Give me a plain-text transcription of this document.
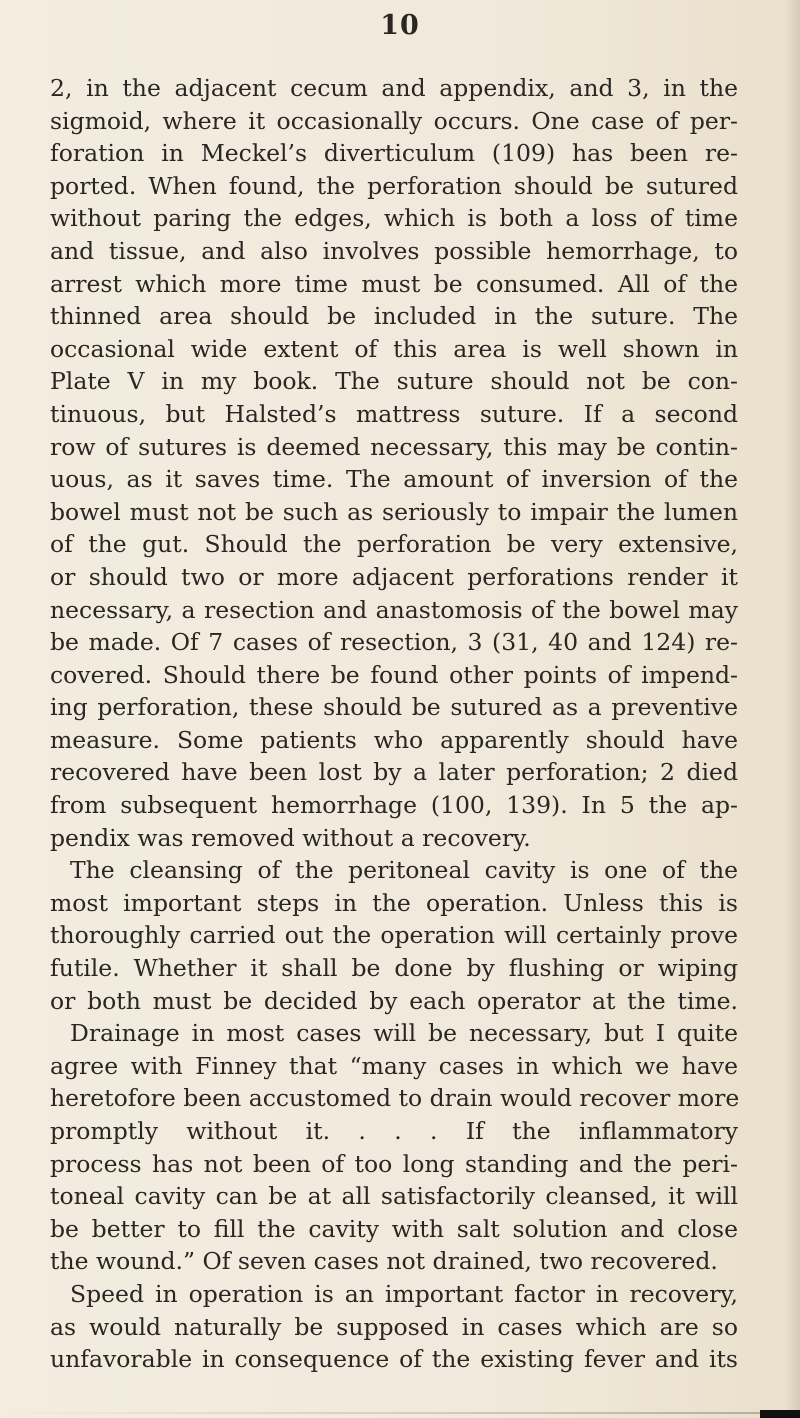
10
2, in the adjacent cecum and appendix, and 3, in the
sigmoid, where it occasionally occurs. One case of per-
foration in Meckel’s diverticulum (109) has been re-
ported. When found, the perforation should be sutured
without paring the edges, which is both a loss of time
and tissue, and also involves possible hemorrhage, to
arrest which more time must be consumed. All of the
thinned area should be included in the suture. The
occasional wide extent of this area is well shown in
Plate V in my book. The suture should not be con-
tinuous, but Halsted’s mattress suture. If a second
row of sutures is deemed necessary, this may be contin-
uous, as it saves time. The amount of inversion of the
bowel must not be such as seriously to impair the lumen
of the gut. Should the perforation be very extensive,
or should two or more adjacent perforations render it
necessary, a resection and anastomosis of the bowel may
be made. Of 7 cases of resection, 3 (31, 40 and 124) re-
covered. Should there be found other points of impend-
ing perforation, these should be sutured as a preventive
measure. Some patients who apparently should have
recovered have been lost by a later perforation; 2 died
from subsequent hemorrhage (100, 139). In 5 the ap-
pendix was removed without a recovery.
The cleansing of the peritoneal cavity is one of the
most important steps in the operation. Unless this is
thoroughly carried out the operation will certainly prove
futile. Whether it shall be done by flushing or wiping
or both must be decided by each operator at the time.
Drainage in most cases will be necessary, but I quite
agree with Finney that “many cases in which we have
heretofore been accustomed to drain would recover more
promptly without it. . . . If the inflammatory
process has not been of too long standing and the peri-
toneal cavity can be at all satisfactorily cleansed, it will
be better to fill the cavity with salt solution and close
the wound.” Of seven cases not drained, two recovered.
Speed in operation is an important factor in recovery,
as would naturally be supposed in cases which are so
unfavorable in consequence of the existing fever and its
